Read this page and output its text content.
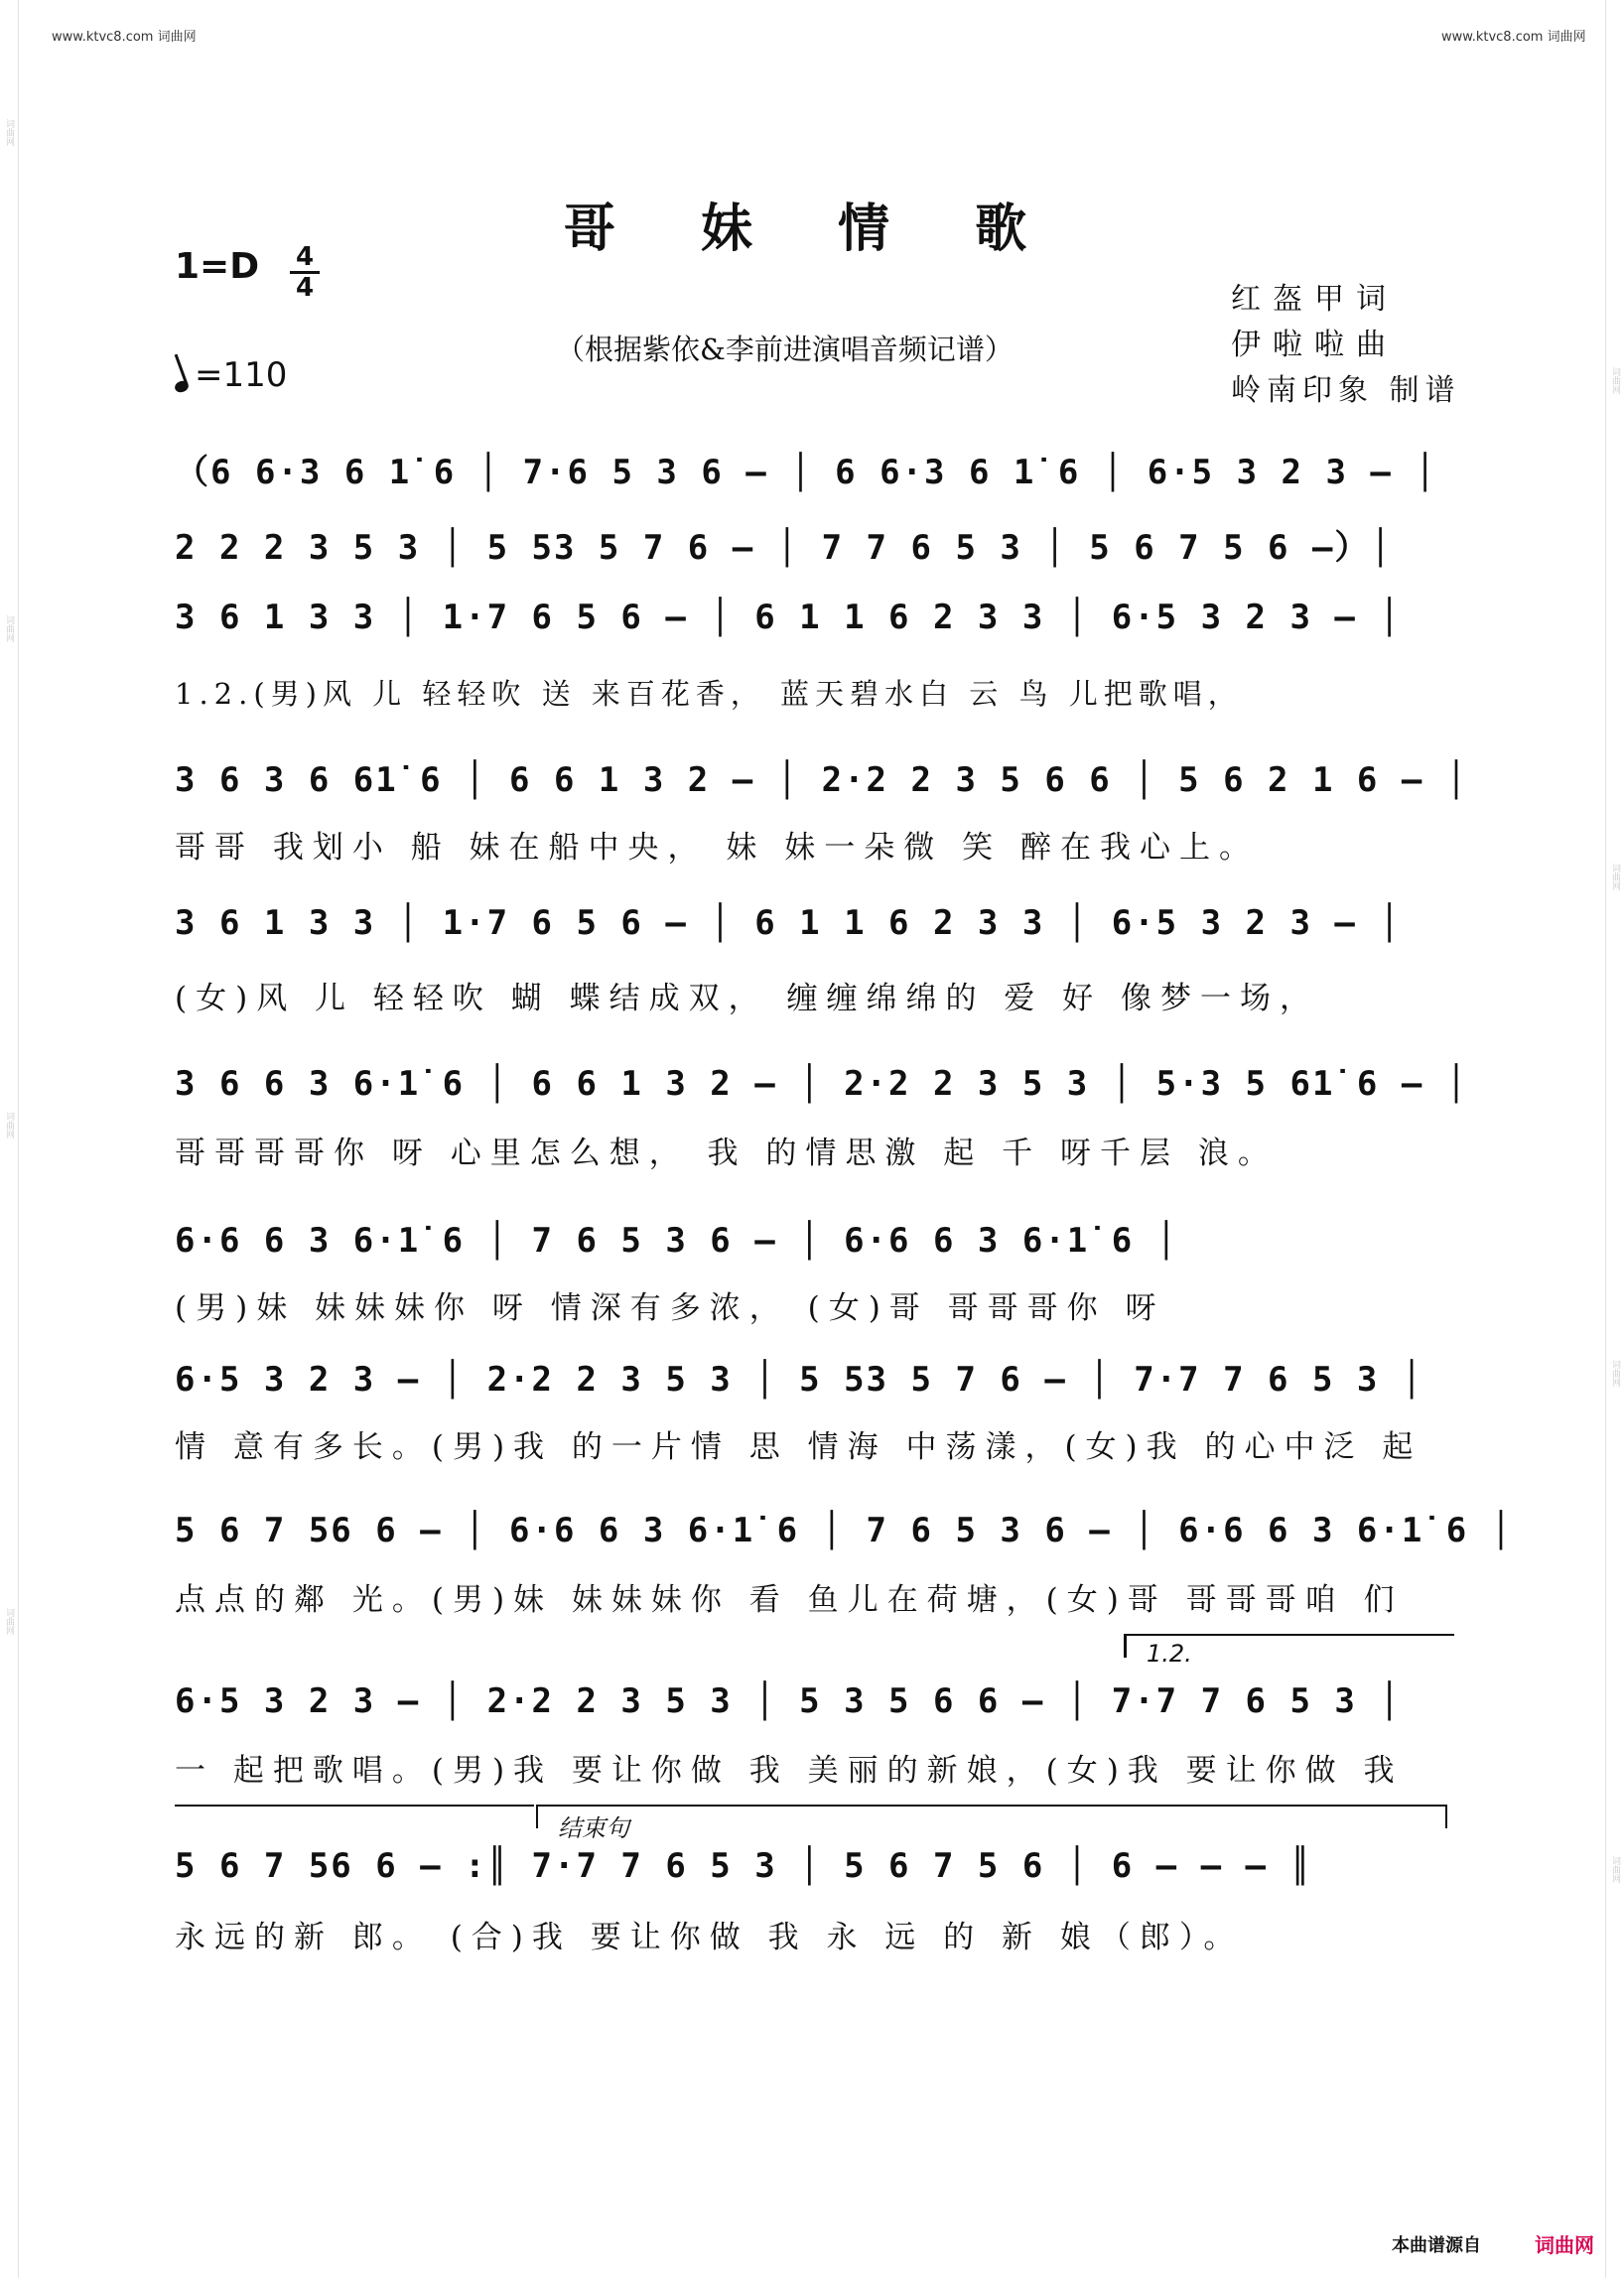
词曲网
词曲网
词曲网
词曲网
词曲网
词曲网
词曲网
词曲网
www.ktvc8.com 词曲网	www.ktvc8.com 词曲网
哥 妹 情 歌
$1=D \frac{4}{4}$
（根据紫依&李前进演唱音频记谱）
=110
红盔甲词
伊啦啦曲
岭南印象 制谱
（6 6·3 6 1̇ 6 │ 7·6 5 3 6 – │ 6 6·3 6 1̇ 6 │ 6·5 3 2 3 – │
2 2 2 3 5 3 │ 5 53 5 7 6 – │ 7 7 6 5 3 │ 5 6 7 5 6 –）│
3 6 1 3 3 │ 1·7 6 5 6 – │ 6 1 1 6 2 3 3 │ 6·5 3 2 3 – │
1.2.(男)风 儿 轻轻吹 送 来百花香， 蓝天碧水白 云 鸟 儿把歌唱，
3 6 3 6 61̇ 6 │ 6 6 1 3 2 – │ 2·2 2 3 5 6 6 │ 5 6 2 1 6 – │
哥哥 我划小 船 妹在船中央， 妹 妹一朵微 笑 醉在我心上。
3 6 1 3 3 │ 1·7 6 5 6 – │ 6 1 1 6 2 3 3 │ 6·5 3 2 3 – │
(女)风 儿 轻轻吹 蝴 蝶结成双， 缠缠绵绵的 爱 好 像梦一场，
3 6 6 3 6·1̇ 6 │ 6 6 1 3 2 – │ 2·2 2 3 5 3 │ 5·3 5 61̇ 6 – │
哥哥哥哥你 呀 心里怎么想， 我 的情思激 起 千 呀千层 浪。
6·6 6 3 6·1̇ 6 │ 7 6 5 3 6 – │ 6·6 6 3 6·1̇ 6 │
(男)妹 妹妹妹你 呀 情深有多浓， (女)哥 哥哥哥你 呀
6·5 3 2 3 – │ 2·2 2 3 5 3 │ 5 53 5 7 6 – │ 7·7 7 6 5 3 │
情 意有多长。(男)我 的一片情 思 情海 中荡漾，(女)我 的心中泛 起
5 6 7 56 6 – │ 6·6 6 3 6·1̇ 6 │ 7 6 5 3 6 – │ 6·6 6 3 6·1̇ 6 │
点点的鄰 光。(男)妹 妹妹妹你 看 鱼儿在荷塘，(女)哥 哥哥哥咱 们
1.2.
6·5 3 2 3 – │ 2·2 2 3 5 3 │ 5 3 5 6 6 – │ 7·7 7 6 5 3 │
一 起把歌唱。(男)我 要让你做 我 美丽的新娘，(女)我 要让你做 我
结束句
5 6 7 56 6 – :║ 7·7 7 6 5 3 │ 5 6 7 5 6 │ 6 – – – ║
永远的新 郎。 (合)我 要让你做 我 永 远 的 新 娘（郎）。
本曲谱源自	词曲网
